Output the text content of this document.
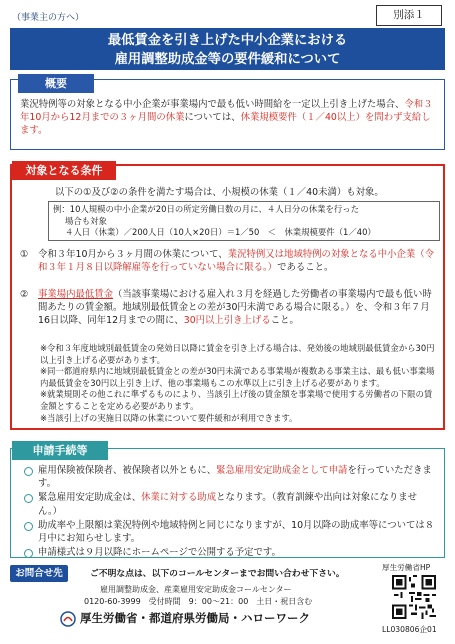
（事業主の方へ）	別添１
最低賃金を引き上げた中小企業における
雇用調整助成金等の要件緩和について
概要
業況特例等の対象となる中小企業が事業場内で最も低い時間給を一定以上引き上げた場合、令和３年10月から12月までの３ヶ月間の休業については、休業規模要件（１／40以上）を問わず支給します。
対象となる条件
以下の①及び②の条件を満たす場合は、小規模の休業（１／40未満）も対象。
例：10人規模の中小企業が20日の所定労働日数の月に、４人日分の休業を行った
場合も対象
４人日（休業）／200人日（10人×20日）＝1／50　＜　休業規模要件（1／40）
① 令和３年10月から３ヶ月間の休業について、業況特例又は地域特例の対象となる中小企業（令和３年１月８日以降解雇等を行っていない場合に限る。）であること。
② 事業場内最低賃金（当該事業場における雇入れ３月を経過した労働者の事業場内で最も低い時間あたりの賃金額。地域別最低賃金との差が30円未満である場合に限る。）を、令和３年７月16日以降、同年12月までの間に、30円以上引き上げること。
※令和３年度地域別最低賃金の発効日以降に賃金を引き上げる場合は、発効後の地域別最低賃金から30円以上引き上げる必要があります。
※同一都道府県内に地域別最低賃金との差が30円未満である事業場が複数ある事業主は、最も低い事業場内最低賃金を30円以上引き上げ、他の事業場もこの水準以上に引き上げる必要があります。
※就業規則その他これに準ずるものにより、当該引上げ後の賃金額を事業場で使用する労働者の下限の賃金額とすることを定める必要があります。
※当該引上げの実施日以降の休業について要件緩和が利用できます。
申請手続等
雇用保険被保険者、被保険者以外ともに、緊急雇用安定助成金として申請を行っていただきます。
緊急雇用安定助成金は、休業に対する助成となります。（教育訓練や出向は対象になりません。）
助成率や上限額は業況特例や地域特例と同じになりますが、10月以降の助成率等については８月中にお知らせします。
申請様式は９月以降にホームページで公開する予定です。
お問合せ先	ご不明な点は、以下のコールセンターまでお問い合わせ下さい。
雇用調整助成金、産業雇用安定助成金コールセンター
0120-60-3999　受付時間　9：00～21：00　土日・祝日含む
厚生労働省・都道府県労働局・ハローワーク
厚生労働省HP
LL030806企01
